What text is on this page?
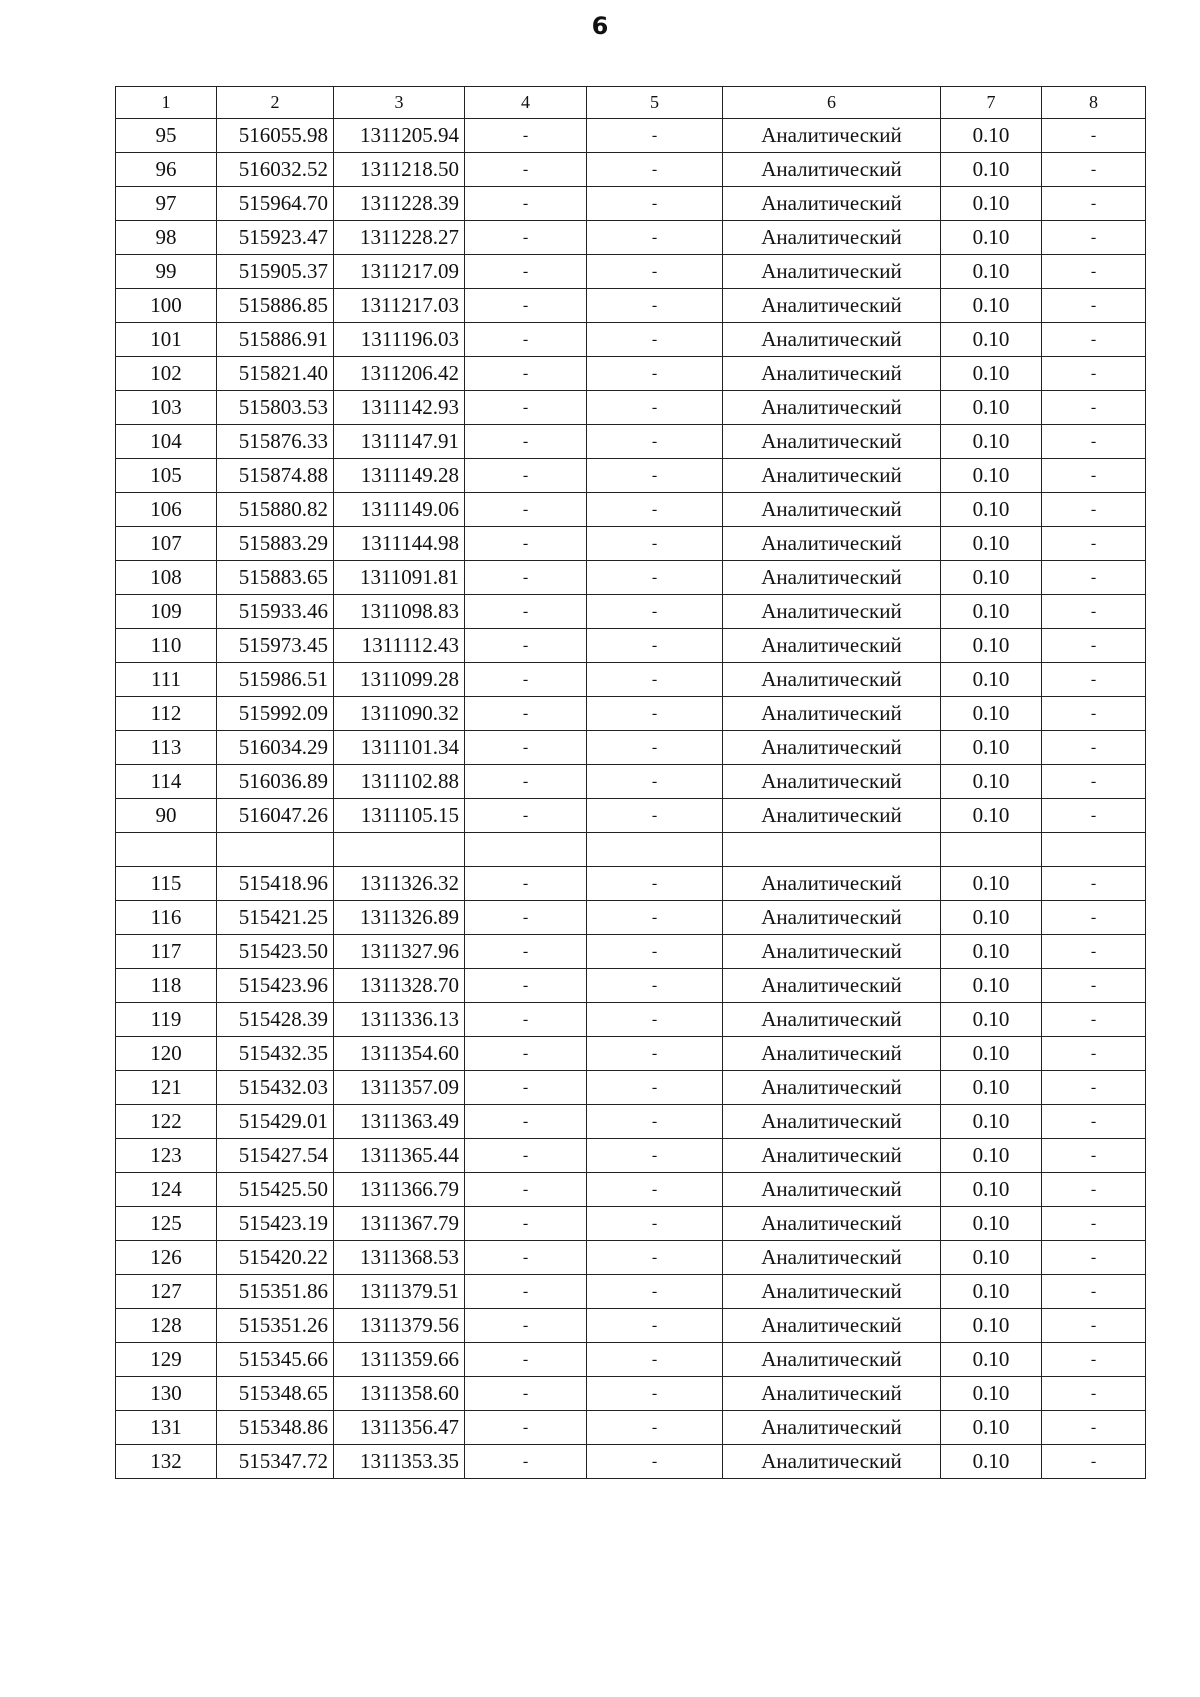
6
1	2	3	4	5	6	7	8
95	516055.98	1311205.94	-	-	Аналитический	0.10	-
96	516032.52	1311218.50	-	-	Аналитический	0.10	-
97	515964.70	1311228.39	-	-	Аналитический	0.10	-
98	515923.47	1311228.27	-	-	Аналитический	0.10	-
99	515905.37	1311217.09	-	-	Аналитический	0.10	-
100	515886.85	1311217.03	-	-	Аналитический	0.10	-
101	515886.91	1311196.03	-	-	Аналитический	0.10	-
102	515821.40	1311206.42	-	-	Аналитический	0.10	-
103	515803.53	1311142.93	-	-	Аналитический	0.10	-
104	515876.33	1311147.91	-	-	Аналитический	0.10	-
105	515874.88	1311149.28	-	-	Аналитический	0.10	-
106	515880.82	1311149.06	-	-	Аналитический	0.10	-
107	515883.29	1311144.98	-	-	Аналитический	0.10	-
108	515883.65	1311091.81	-	-	Аналитический	0.10	-
109	515933.46	1311098.83	-	-	Аналитический	0.10	-
110	515973.45	1311112.43	-	-	Аналитический	0.10	-
111	515986.51	1311099.28	-	-	Аналитический	0.10	-
112	515992.09	1311090.32	-	-	Аналитический	0.10	-
113	516034.29	1311101.34	-	-	Аналитический	0.10	-
114	516036.89	1311102.88	-	-	Аналитический	0.10	-
90	516047.26	1311105.15	-	-	Аналитический	0.10	-

115	515418.96	1311326.32	-	-	Аналитический	0.10	-
116	515421.25	1311326.89	-	-	Аналитический	0.10	-
117	515423.50	1311327.96	-	-	Аналитический	0.10	-
118	515423.96	1311328.70	-	-	Аналитический	0.10	-
119	515428.39	1311336.13	-	-	Аналитический	0.10	-
120	515432.35	1311354.60	-	-	Аналитический	0.10	-
121	515432.03	1311357.09	-	-	Аналитический	0.10	-
122	515429.01	1311363.49	-	-	Аналитический	0.10	-
123	515427.54	1311365.44	-	-	Аналитический	0.10	-
124	515425.50	1311366.79	-	-	Аналитический	0.10	-
125	515423.19	1311367.79	-	-	Аналитический	0.10	-
126	515420.22	1311368.53	-	-	Аналитический	0.10	-
127	515351.86	1311379.51	-	-	Аналитический	0.10	-
128	515351.26	1311379.56	-	-	Аналитический	0.10	-
129	515345.66	1311359.66	-	-	Аналитический	0.10	-
130	515348.65	1311358.60	-	-	Аналитический	0.10	-
131	515348.86	1311356.47	-	-	Аналитический	0.10	-
132	515347.72	1311353.35	-	-	Аналитический	0.10	-
